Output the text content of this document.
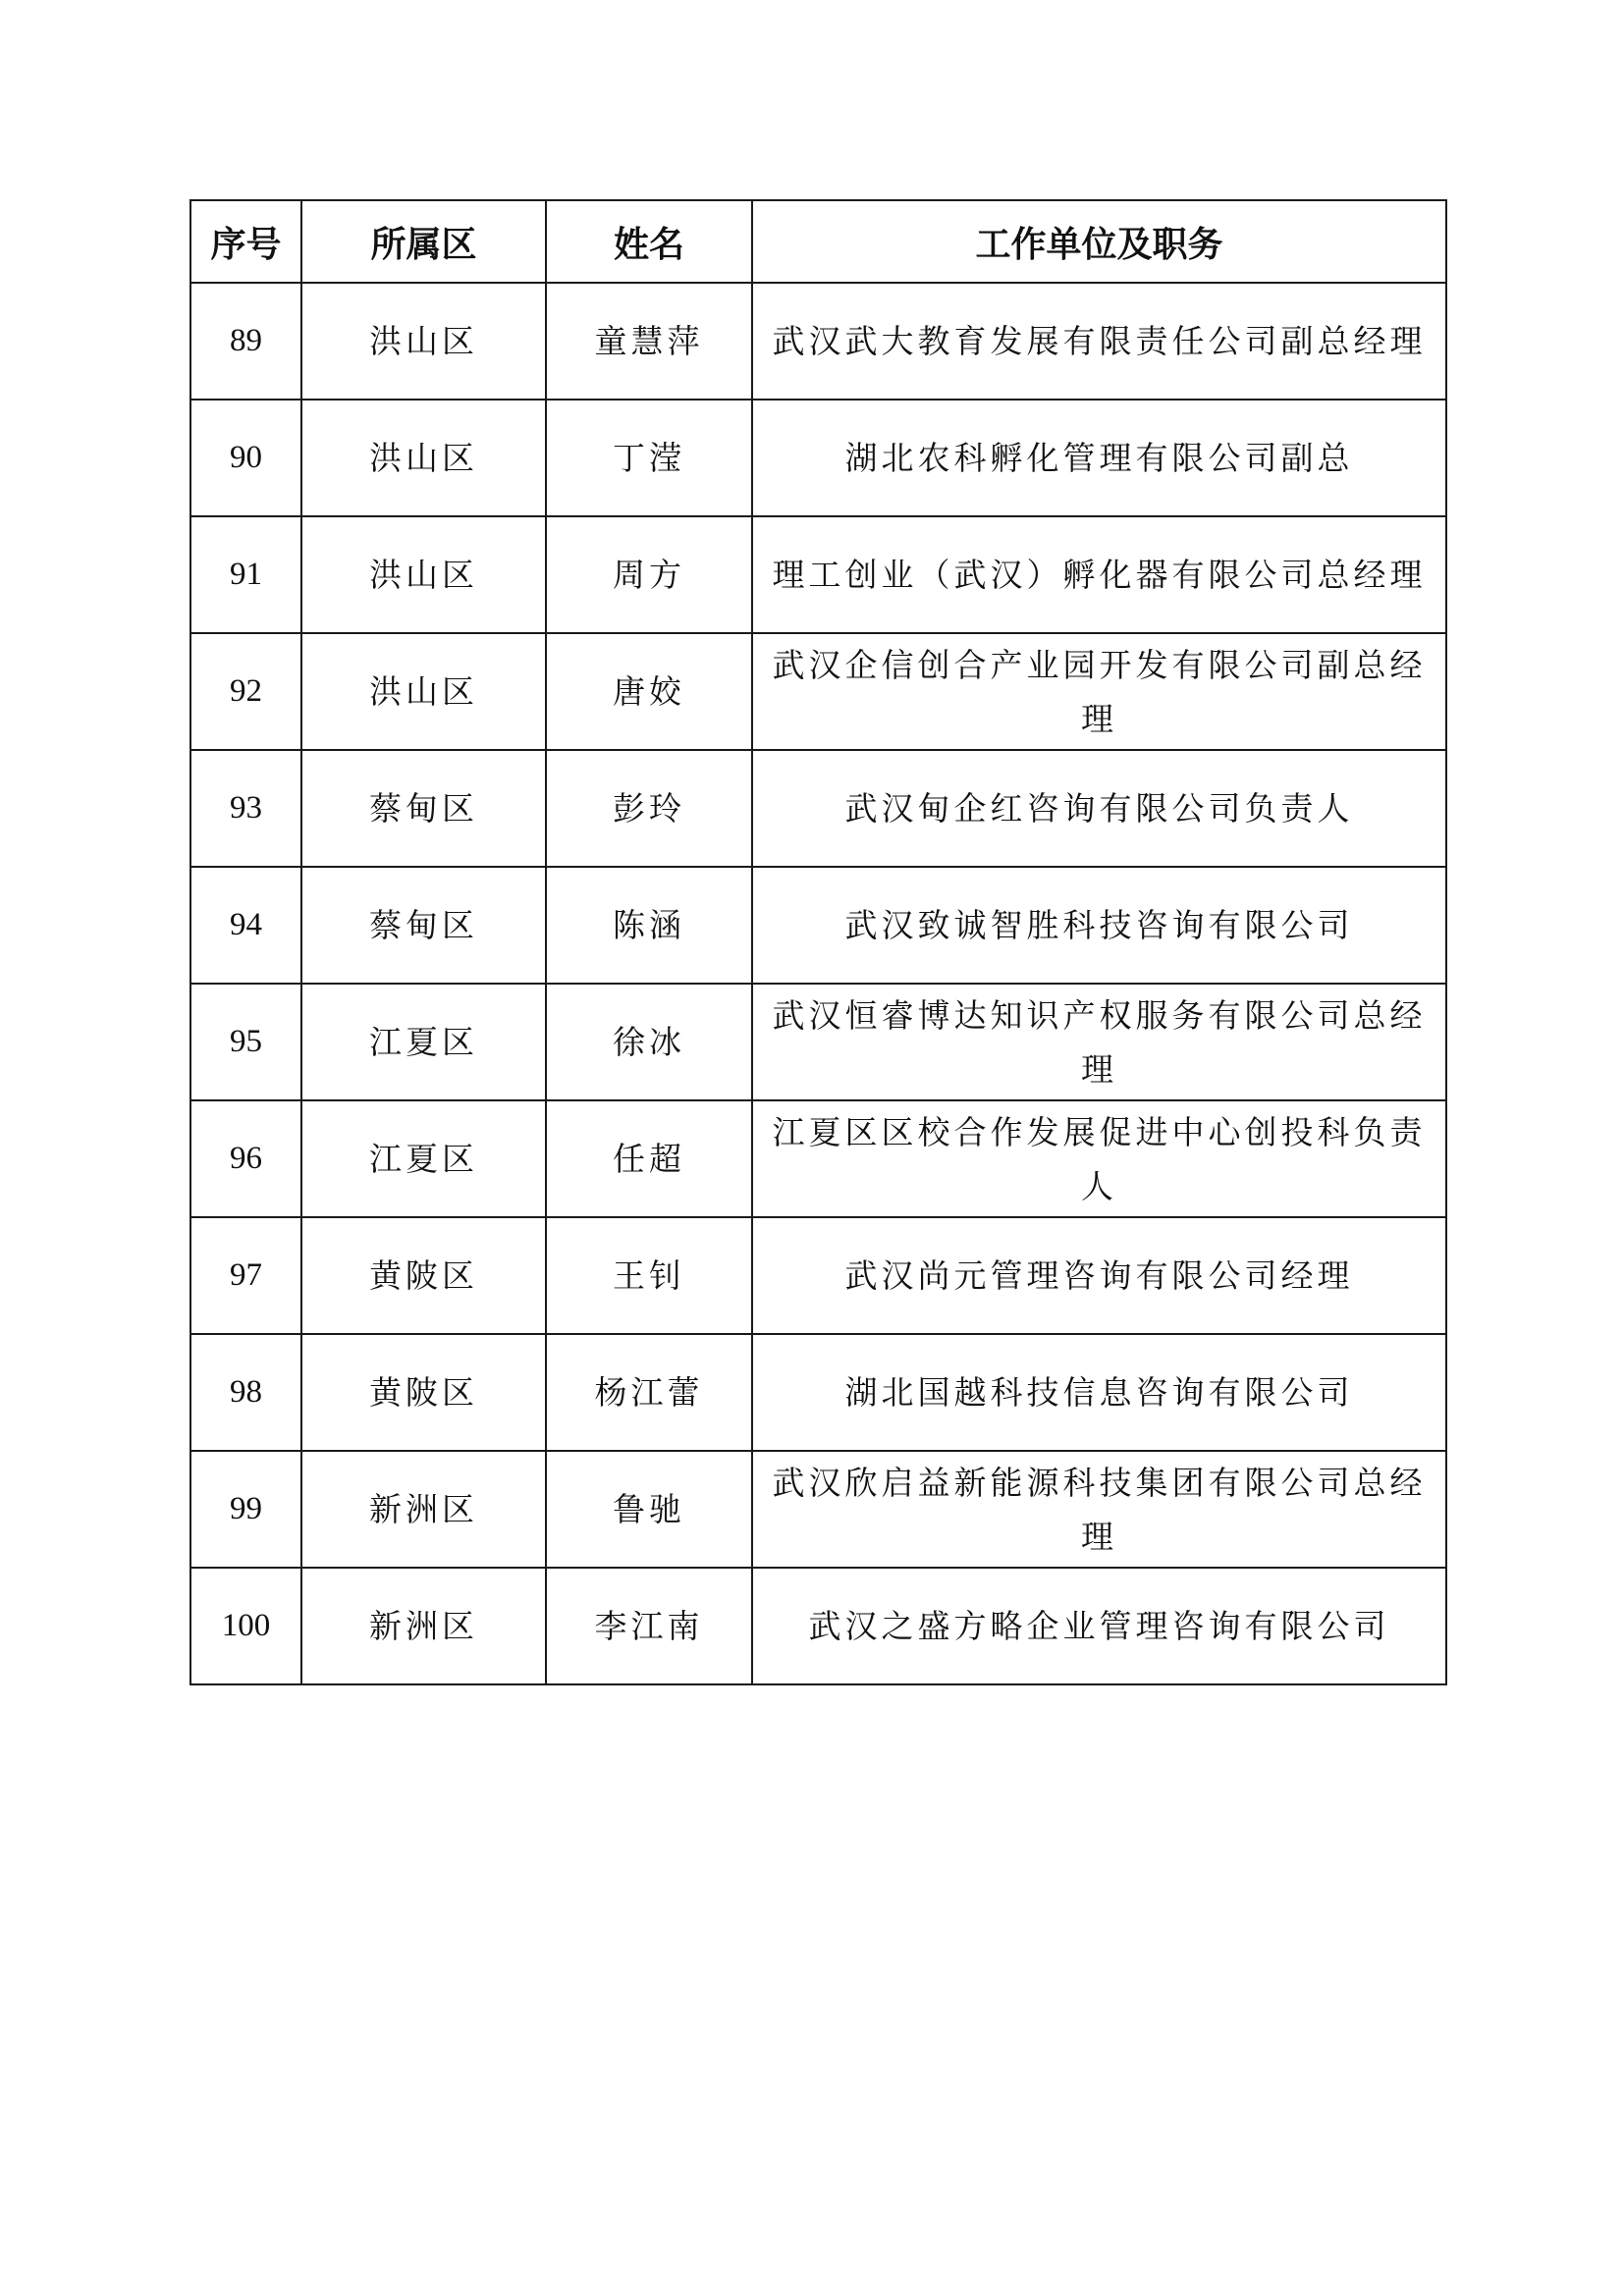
序号	所属区	姓名	工作单位及职务
89	洪山区	童慧萍	武汉武大教育发展有限责任公司副总经理
90	洪山区	丁滢	湖北农科孵化管理有限公司副总
91	洪山区	周方	理工创业（武汉）孵化器有限公司总经理
92	洪山区	唐姣	武汉企信创合产业园开发有限公司副总经理
93	蔡甸区	彭玲	武汉甸企红咨询有限公司负责人
94	蔡甸区	陈涵	武汉致诚智胜科技咨询有限公司
95	江夏区	徐冰	武汉恒睿博达知识产权服务有限公司总经理
96	江夏区	任超	江夏区区校合作发展促进中心创投科负责人
97	黄陂区	王钊	武汉尚元管理咨询有限公司经理
98	黄陂区	杨江蕾	湖北国越科技信息咨询有限公司
99	新洲区	鲁驰	武汉欣启益新能源科技集团有限公司总经理
100	新洲区	李江南	武汉之盛方略企业管理咨询有限公司
